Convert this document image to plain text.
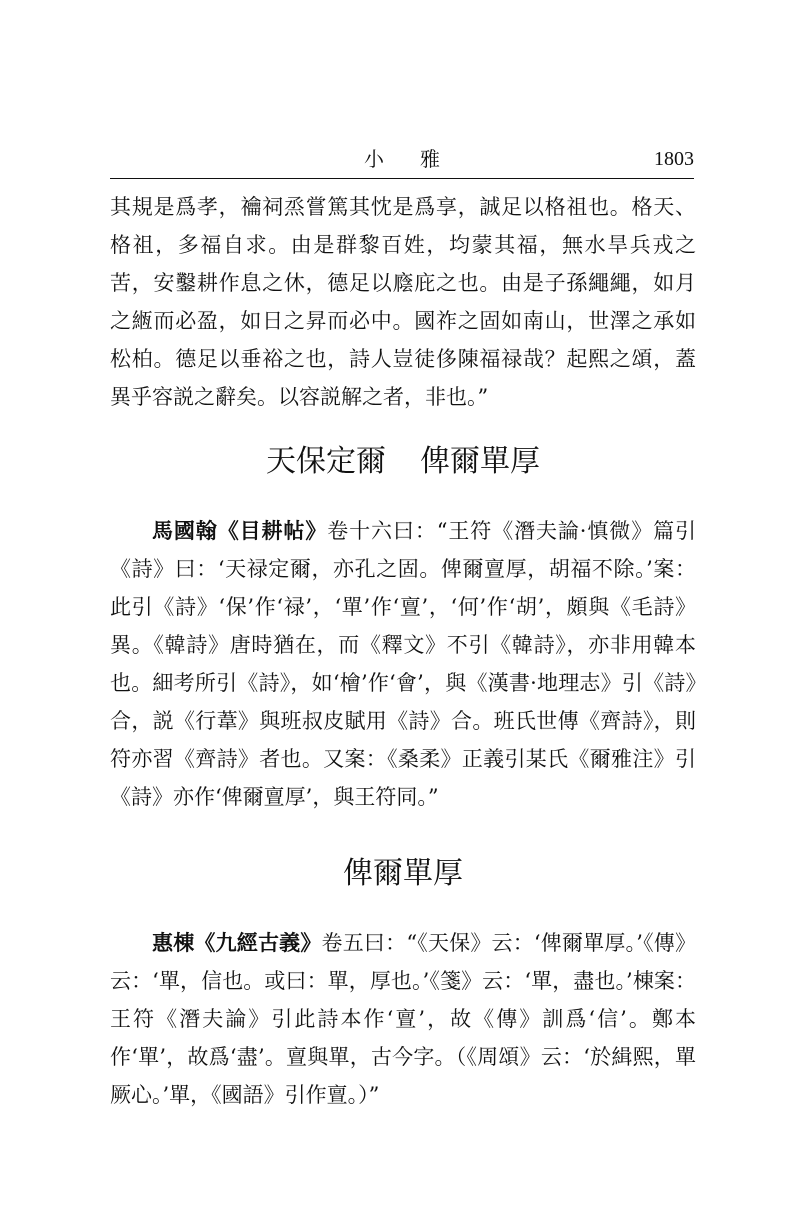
小雅	1803

其規是爲孝，禴祠烝嘗篤其忱是爲享，誠足以格祖也。格天、格祖，多福自求。由是群黎百姓，均蒙其福，無水旱兵戎之苦，安鑿耕作息之休，德足以廕庇之也。由是子孫繩繩，如月之緪而必盈，如日之昇而必中。國祚之固如南山，世澤之承如松柏。德足以垂裕之也，詩人豈徒侈陳福禄哉？起熙之頌，蓋異乎容説之辭矣。以容説解之者，非也。”

天保定爾 俾爾單厚

馬國翰《目耕帖》卷十六曰：“王符《潛夫論·慎微》篇引《詩》曰：‘天禄定爾，亦孔之固。俾爾亶厚，胡福不除。’案：此引《詩》‘保’作‘禄’，‘單’作‘亶’，‘何’作‘胡’，頗與《毛詩》異。《韓詩》唐時猶在，而《釋文》不引《韓詩》，亦非用韓本也。細考所引《詩》，如‘檜’作‘會’，與《漢書·地理志》引《詩》合，説《行葦》與班叔皮賦用《詩》合。班氏世傳《齊詩》，則符亦習《齊詩》者也。又案：《桑柔》正義引某氏《爾雅注》引《詩》亦作‘俾爾亶厚’，與王符同。”

俾爾單厚

惠棟《九經古義》卷五曰：“《天保》云：‘俾爾單厚。’《傳》云：‘單，信也。或曰：單，厚也。’《箋》云：‘單，盡也。’棟案：王符《潛夫論》引此詩本作‘亶’，故《傳》訓爲‘信’。鄭本作‘單’，故爲‘盡’。亶與單，古今字。（《周頌》云：‘於緝熙，單厥心。’單，《國語》引作亶。）”
